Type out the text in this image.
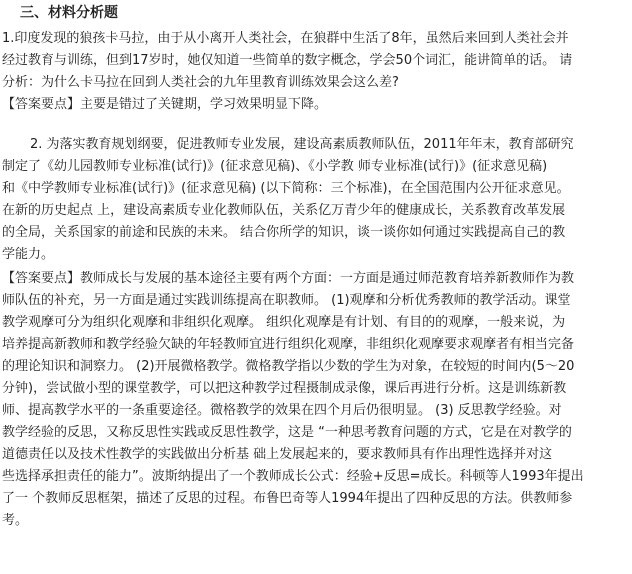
三、材料分析题
1.印度发现的狼孩卡马拉，由于从小离开人类社会，在狼群中生活了8年，虽然后来回到人类社会并
经过教育与训练，但到17岁时，她仅知道一些简单的数字概念，学会50个词汇，能讲简单的话。 请
分析：为什么卡马拉在回到人类社会的九年里教育训练效果会这么差?
【答案要点】主要是错过了关键期，学习效果明显下降。
2. 为落实教育规划纲要，促进教师专业发展，建设高素质教师队伍，2011年年末，教育部研究
制定了《幼儿园教师专业标准(试行)》(征求意见稿)、《小学教 师专业标准(试行)》(征求意见稿)
和《中学教师专业标准(试行)》(征求意见稿) (以下简称：三个标准)，在全国范围内公开征求意见。
在新的历史起点 上，建设高素质专业化教师队伍，关系亿万青少年的健康成长，关系教育改革发展
的全局，关系国家的前途和民族的未来。 结合你所学的知识，谈一谈你如何通过实践提高自己的教
学能力。
【答案要点】教师成长与发展的基本途径主要有两个方面：一方面是通过师范教育培养新教师作为教
师队伍的补充，另一方面是通过实践训练提高在职教师。 (1)观摩和分析优秀教师的教学活动。课堂
教学观摩可分为组织化观摩和非组织化观摩。 组织化观摩是有计划、有目的的观摩，一般来说，为
培养提高新教师和教学经验欠缺的年轻教师宜进行组织化观摩，非组织化观摩要求观摩者有相当完备
的理论知识和洞察力。 (2)开展微格教学。微格教学指以少数的学生为对象，在较短的时间内(5～20
分钟)，尝试做小型的课堂教学，可以把这种教学过程摄制成录像，课后再进行分析。这是训练新教
师、提高教学水平的一条重要途径。微格教学的效果在四个月后仍很明显。 (3) 反思教学经验。对
教学经验的反思，又称反思性实践或反思性教学，这是 “一种思考教育问题的方式，它是在对教学的
道德责任以及技术性教学的实践做出分析基 础上发展起来的，要求教师具有作出理性选择并对这
些选择承担责任的能力”。波斯纳提出了一个教师成长公式：经验+反思=成长。科顿等人1993年提出
了一 个教师反思框架，描述了反思的过程。布鲁巴奇等人1994年提出了四种反思的方法。供教师参
考。
